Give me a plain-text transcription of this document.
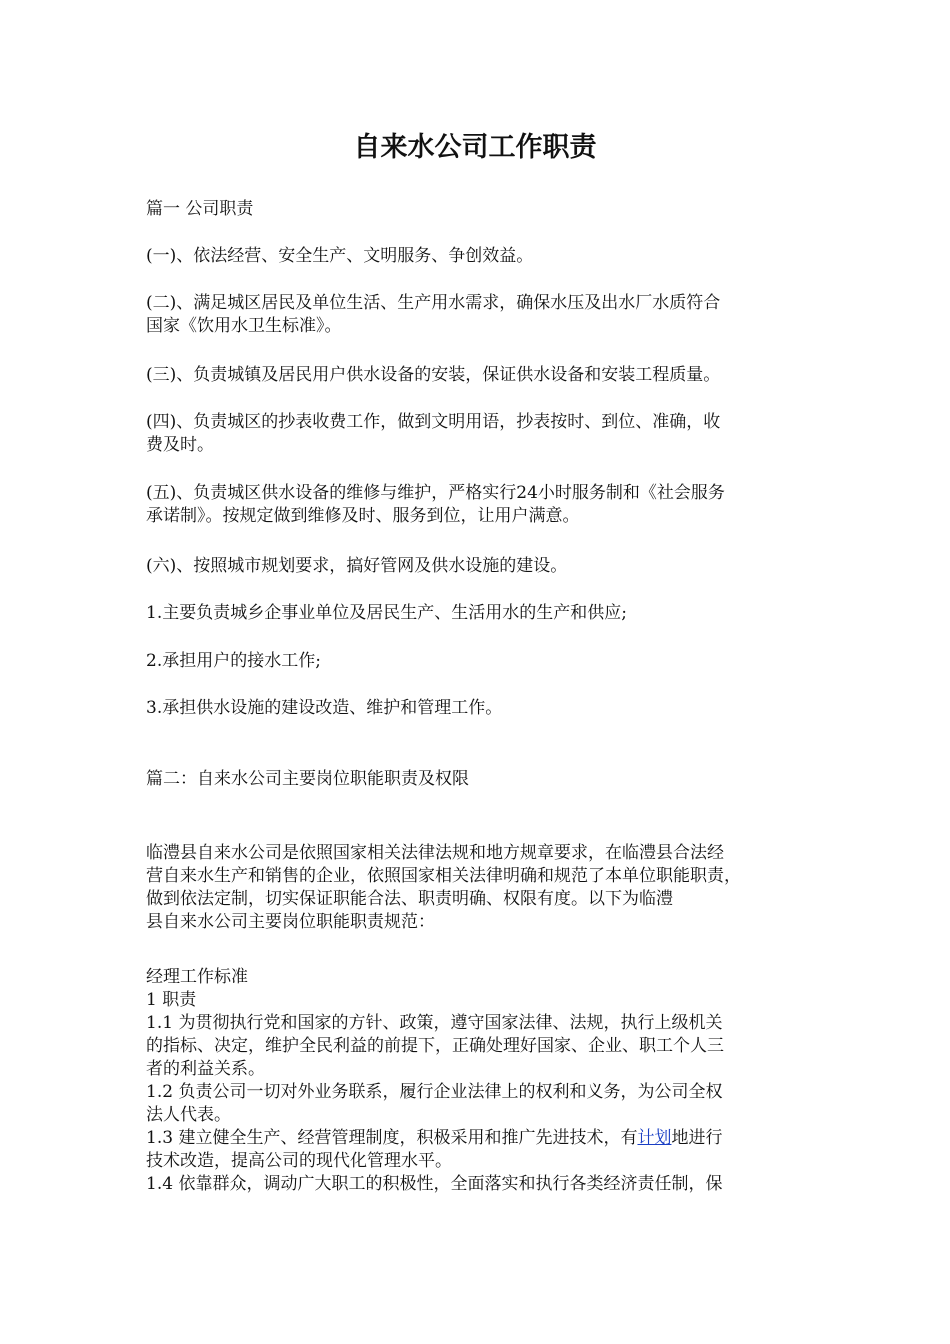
自来水公司工作职责

篇一 公司职责

(一)、依法经营、安全生产、文明服务、争创效益。

(二)、满足城区居民及单位生活、生产用水需求，确保水压及出水厂水质符合
国家《饮用水卫生标准》。

(三)、负责城镇及居民用户供水设备的安装，保证供水设备和安装工程质量。

(四)、负责城区的抄表收费工作，做到文明用语，抄表按时、到位、准确，收
费及时。

(五)、负责城区供水设备的维修与维护，严格实行24小时服务制和《社会服务
承诺制》。按规定做到维修及时、服务到位，让用户满意。

(六)、按照城市规划要求，搞好管网及供水设施的建设。

1.主要负责城乡企事业单位及居民生产、生活用水的生产和供应;

2.承担用户的接水工作;

3.承担供水设施的建设改造、维护和管理工作。

篇二：自来水公司主要岗位职能职责及权限

临澧县自来水公司是依照国家相关法律法规和地方规章要求，在临澧县合法经
营自来水生产和销售的企业，依照国家相关法律明确和规范了本单位职能职责，
做到依法定制，切实保证职能合法、职责明确、权限有度。以下为临澧
县自来水公司主要岗位职能职责规范：

经理工作标准
1 职责
1.1 为贯彻执行党和国家的方针、政策，遵守国家法律、法规，执行上级机关
的指标、决定，维护全民利益的前提下，正确处理好国家、企业、职工个人三
者的利益关系。
1.2 负责公司一切对外业务联系，履行企业法律上的权利和义务，为公司全权
法人代表。
1.3 建立健全生产、经营管理制度，积极采用和推广先进技术，有计划地进行
技术改造，提高公司的现代化管理水平。
1.4 依靠群众，调动广大职工的积极性，全面落实和执行各类经济责任制，保
